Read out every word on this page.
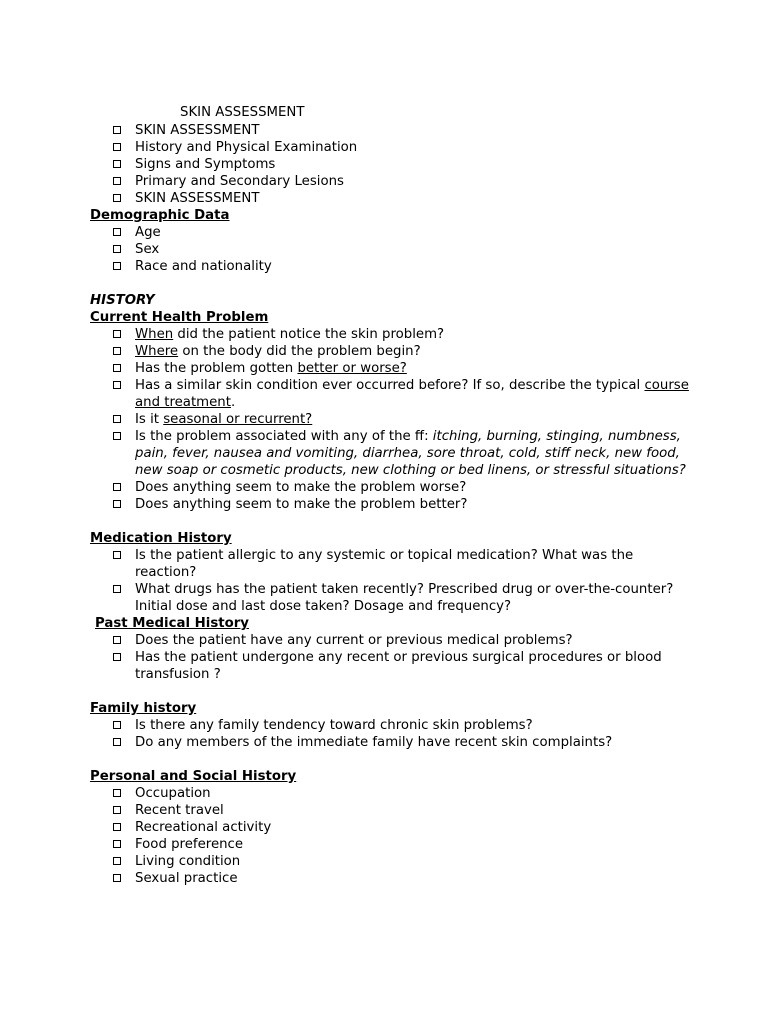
SKIN ASSESSMENT

SKIN ASSESSMENT
History and Physical Examination
Signs and Symptoms
Primary and Secondary Lesions
SKIN ASSESSMENT

Demographic Data

Age
Sex
Race and nationality

HISTORY

Current Health Problem

When did the patient notice the skin problem?
Where on the body did the problem begin?
Has the problem gotten better or worse?
Has a similar skin condition ever occurred before? If so, describe the typical course and treatment.
Is it seasonal or recurrent?
Is the problem associated with any of the ff: itching, burning, stinging, numbness, pain, fever, nausea and vomiting, diarrhea, sore throat, cold, stiff neck, new food, new soap or cosmetic products, new clothing or bed linens, or stressful situations?
Does anything seem to make the problem worse?
Does anything seem to make the problem better?

Medication History

Is the patient allergic to any systemic or topical medication? What was the reaction?
What drugs has the patient taken recently? Prescribed drug or over-the-counter? Initial dose and last dose taken? Dosage and frequency?

Past Medical History

Does the patient have any current or previous medical problems?
Has the patient undergone any recent or previous surgical procedures or blood transfusion ?

Family history

Is there any family tendency toward chronic skin problems?
Do any members of the immediate family have recent skin complaints?

Personal and Social History

Occupation
Recent travel
Recreational activity
Food preference
Living condition
Sexual practice
